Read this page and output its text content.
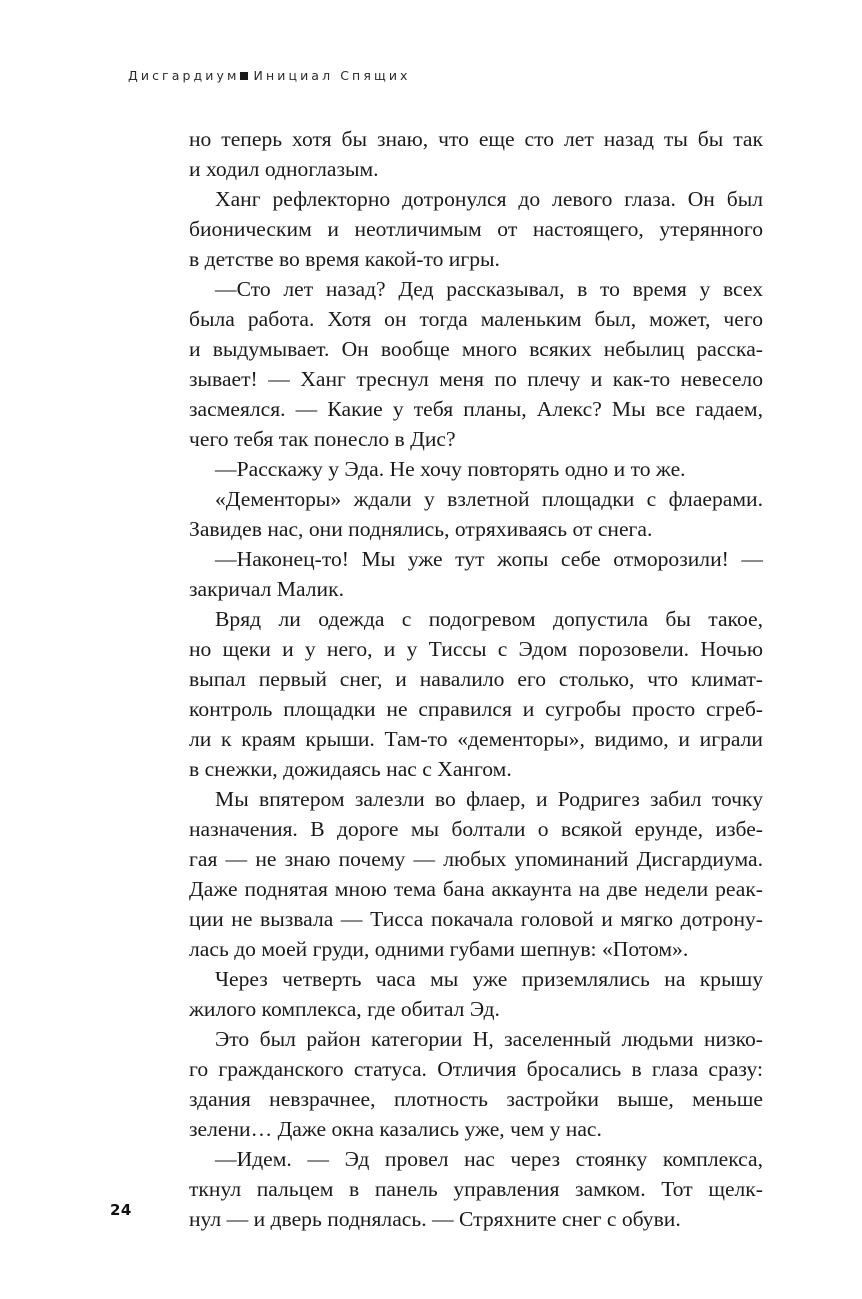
Дисгардиум Инициал Спящих
но теперь хотя бы знаю, что еще сто лет назад ты бы так
и ходил одноглазым.
Ханг рефлекторно дотронулся до левого глаза. Он был
бионическим и неотличимым от настоящего, утерянного
в детстве во время какой-то игры.
—Сто лет назад? Дед рассказывал, в то время у всех
была работа. Хотя он тогда маленьким был, может, чего
и выдумывает. Он вообще много всяких небылиц расска-
зывает! — Ханг треснул меня по плечу и как-то невесело
засмеялся. — Какие у тебя планы, Алекс? Мы все гадаем,
чего тебя так понесло в Дис?
—Расскажу у Эда. Не хочу повторять одно и то же.
«Дементоры» ждали у взлетной площадки с флаерами.
Завидев нас, они поднялись, отряхиваясь от снега.
—Наконец-то! Мы уже тут жопы себе отморозили! —
закричал Малик.
Вряд ли одежда с подогревом допустила бы такое,
но щеки и у него, и у Тиссы с Эдом порозовели. Ночью
выпал первый снег, и навалило его столько, что климат-
контроль площадки не справился и сугробы просто сгреб-
ли к краям крыши. Там-то «дементоры», видимо, и играли
в снежки, дожидаясь нас с Хангом.
Мы впятером залезли во флаер, и Родригез забил точку
назначения. В дороге мы болтали о всякой ерунде, избе-
гая — не знаю почему — любых упоминаний Дисгардиума.
Даже поднятая мною тема бана аккаунта на две недели реак-
ции не вызвала — Тисса покачала головой и мягко дотрону-
лась до моей груди, одними губами шепнув: «Потом».
Через четверть часа мы уже приземлялись на крышу
жилого комплекса, где обитал Эд.
Это был район категории H, заселенный людьми низко-
го гражданского статуса. Отличия бросались в глаза сразу:
здания невзрачнее, плотность застройки выше, меньше
зелени… Даже окна казались уже, чем у нас.
—Идем. — Эд провел нас через стоянку комплекса,
ткнул пальцем в панель управления замком. Тот щелк-
нул — и дверь поднялась. — Стряхните снег с обуви.
24
